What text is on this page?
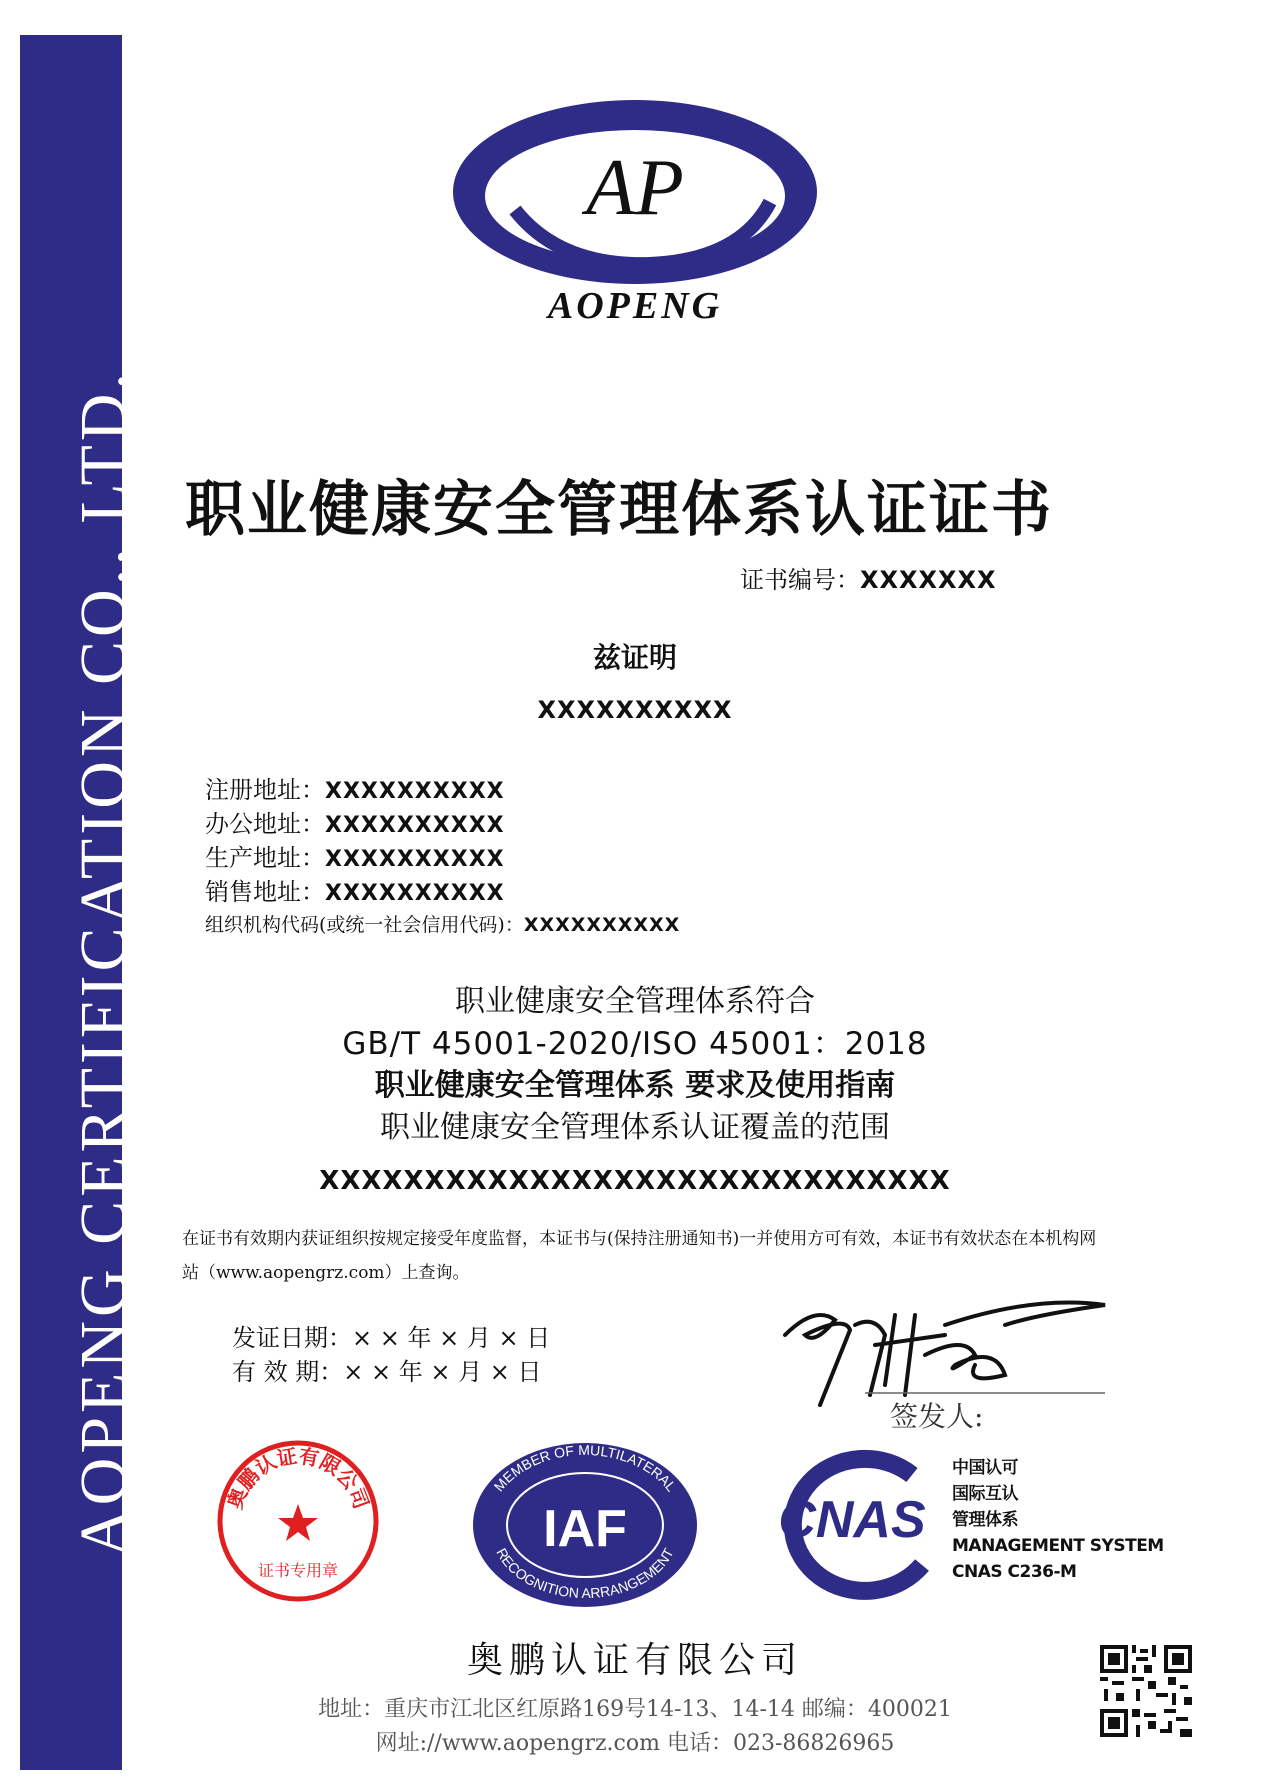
AOPENG CERTIFICATION CO., LTD.
AP
AOPENG
职业健康安全管理体系认证证书
证书编号：XXXXXXX
兹证明
XXXXXXXXXX
注册地址：XXXXXXXXXX
办公地址：XXXXXXXXXX
生产地址：XXXXXXXXXX
销售地址：XXXXXXXXXX
组织机构代码(或统一社会信用代码)：XXXXXXXXXX
职业健康安全管理体系符合
GB/T 45001-2020/ISO 45001：2018
职业健康安全管理体系 要求及使用指南
职业健康安全管理体系认证覆盖的范围
XXXXXXXXXXXXXXXXXXXXXXXXXXXXXX
在证书有效期内获证组织按规定接受年度监督，本证书与(保持注册通知书)一并使用方可有效，本证书有效状态在本机构网站（www.aopengrz.com）上查询。
发证日期：× × 年 × 月 × 日
有 效 期：× × 年 × 月 × 日
签发人:
奥鹏认证有限公司
证书专用章
MEMBER OF MULTILATERAL
RECOGNITION ARRANGEMENT
IAF	CNAS
中国认可
国际互认
管理体系
MANAGEMENT SYSTEM
CNAS C236-M
奥鹏认证有限公司
地址：重庆市江北区红原路169号14-13、14-14 邮编：400021
网址://www.aopengrz.com 电话：023-86826965
